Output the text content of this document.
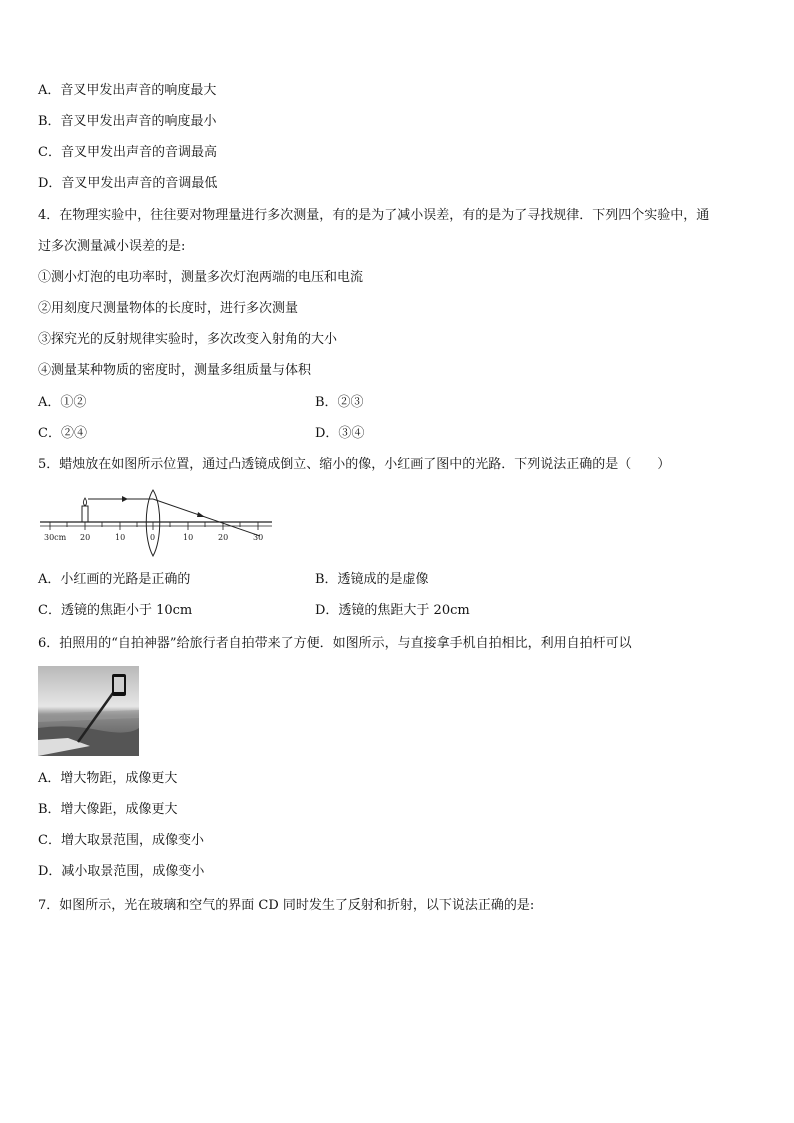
A．音叉甲发出声音的响度最大
B．音叉甲发出声音的响度最小
C．音叉甲发出声音的音调最高
D．音叉甲发出声音的音调最低
4．在物理实验中，往往要对物理量进行多次测量，有的是为了减小误差，有的是为了寻找规律．下列四个实验中，通
过多次测量减小误差的是:
①测小灯泡的电功率时，测量多次灯泡两端的电压和电流
②用刻度尺测量物体的长度时，进行多次测量
③探究光的反射规律实验时，多次改变入射角的大小
④测量某种物质的密度时，测量多组质量与体积
A．①②	B．②③
C．②④	D．③④
5．蜡烛放在如图所示位置，通过凸透镜成倒立、缩小的像，小红画了图中的光路．下列说法正确的是（　　）
30cm 20	10	0	10	20	30
A．小红画的光路是正确的	B．透镜成的是虚像
C．透镜的焦距小于 10cm	D．透镜的焦距大于 20cm
6．拍照用的“自拍神器”给旅行者自拍带来了方便．如图所示，与直接拿手机自拍相比，利用自拍杆可以
A．增大物距，成像更大
B．增大像距，成像更大
C．增大取景范围，成像变小
D．减小取景范围，成像变小
7．如图所示，光在玻璃和空气的界面 CD 同时发生了反射和折射，以下说法正确的是:
